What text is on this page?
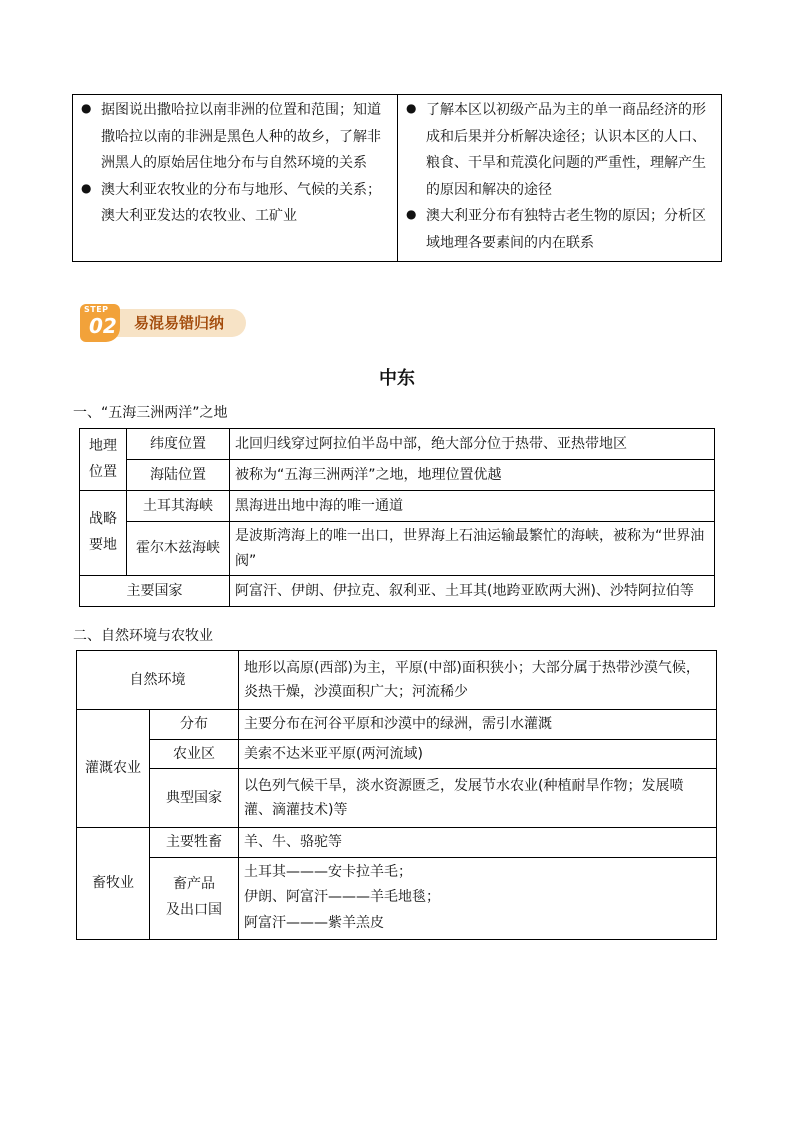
● 据图说出撒哈拉以南非洲的位置和范围；知道
撒哈拉以南的非洲是黑色人种的故乡，了解非
洲黑人的原始居住地分布与自然环境的关系
● 澳大利亚农牧业的分布与地形、气候的关系；
澳大利亚发达的农牧业、工矿业

● 了解本区以初级产品为主的单一商品经济的形
成和后果并分析解决途径；认识本区的人口、
粮食、干旱和荒漠化问题的严重性，理解产生
的原因和解决的途径
● 澳大利亚分布有独特古老生物的原因；分析区
域地理各要素间的内在联系
STEP
02 易混易错归纳
中东
一、“五海三洲两洋”之地
地理
位置	纬度位置	北回归线穿过阿拉伯半岛中部，绝大部分位于热带、亚热带地区
	海陆位置	被称为“五海三洲两洋”之地，地理位置优越

战略
要地	土耳其海峡	黑海进出地中海的唯一通道
	霍尔木兹海峡	是波斯湾海上的唯一出口，世界海上石油运输最繁忙的海峡，被称为“世界油阀”
主要国家		阿富汗、伊朗、伊拉克、叙利亚、土耳其(地跨亚欧两大洲)、沙特阿拉伯等
二、自然环境与农牧业
自然环境		地形以高原(西部)为主，平原(中部)面积狭小；大部分属于热带沙漠气候，炎热干燥，沙漠面积广大；河流稀少
灌溉农业	分布	主要分布在河谷平原和沙漠中的绿洲，需引水灌溉
	农业区	美索不达米亚平原(两河流域)
	典型国家	以色列气候干旱，淡水资源匮乏，发展节水农业(种植耐旱作物；发展喷灌、滴灌技术)等
畜牧业	主要牲畜	羊、牛、骆驼等

	畜产品
及出口国	土耳其———安卡拉羊毛；
伊朗、阿富汗———羊毛地毯；
阿富汗———紫羊羔皮
